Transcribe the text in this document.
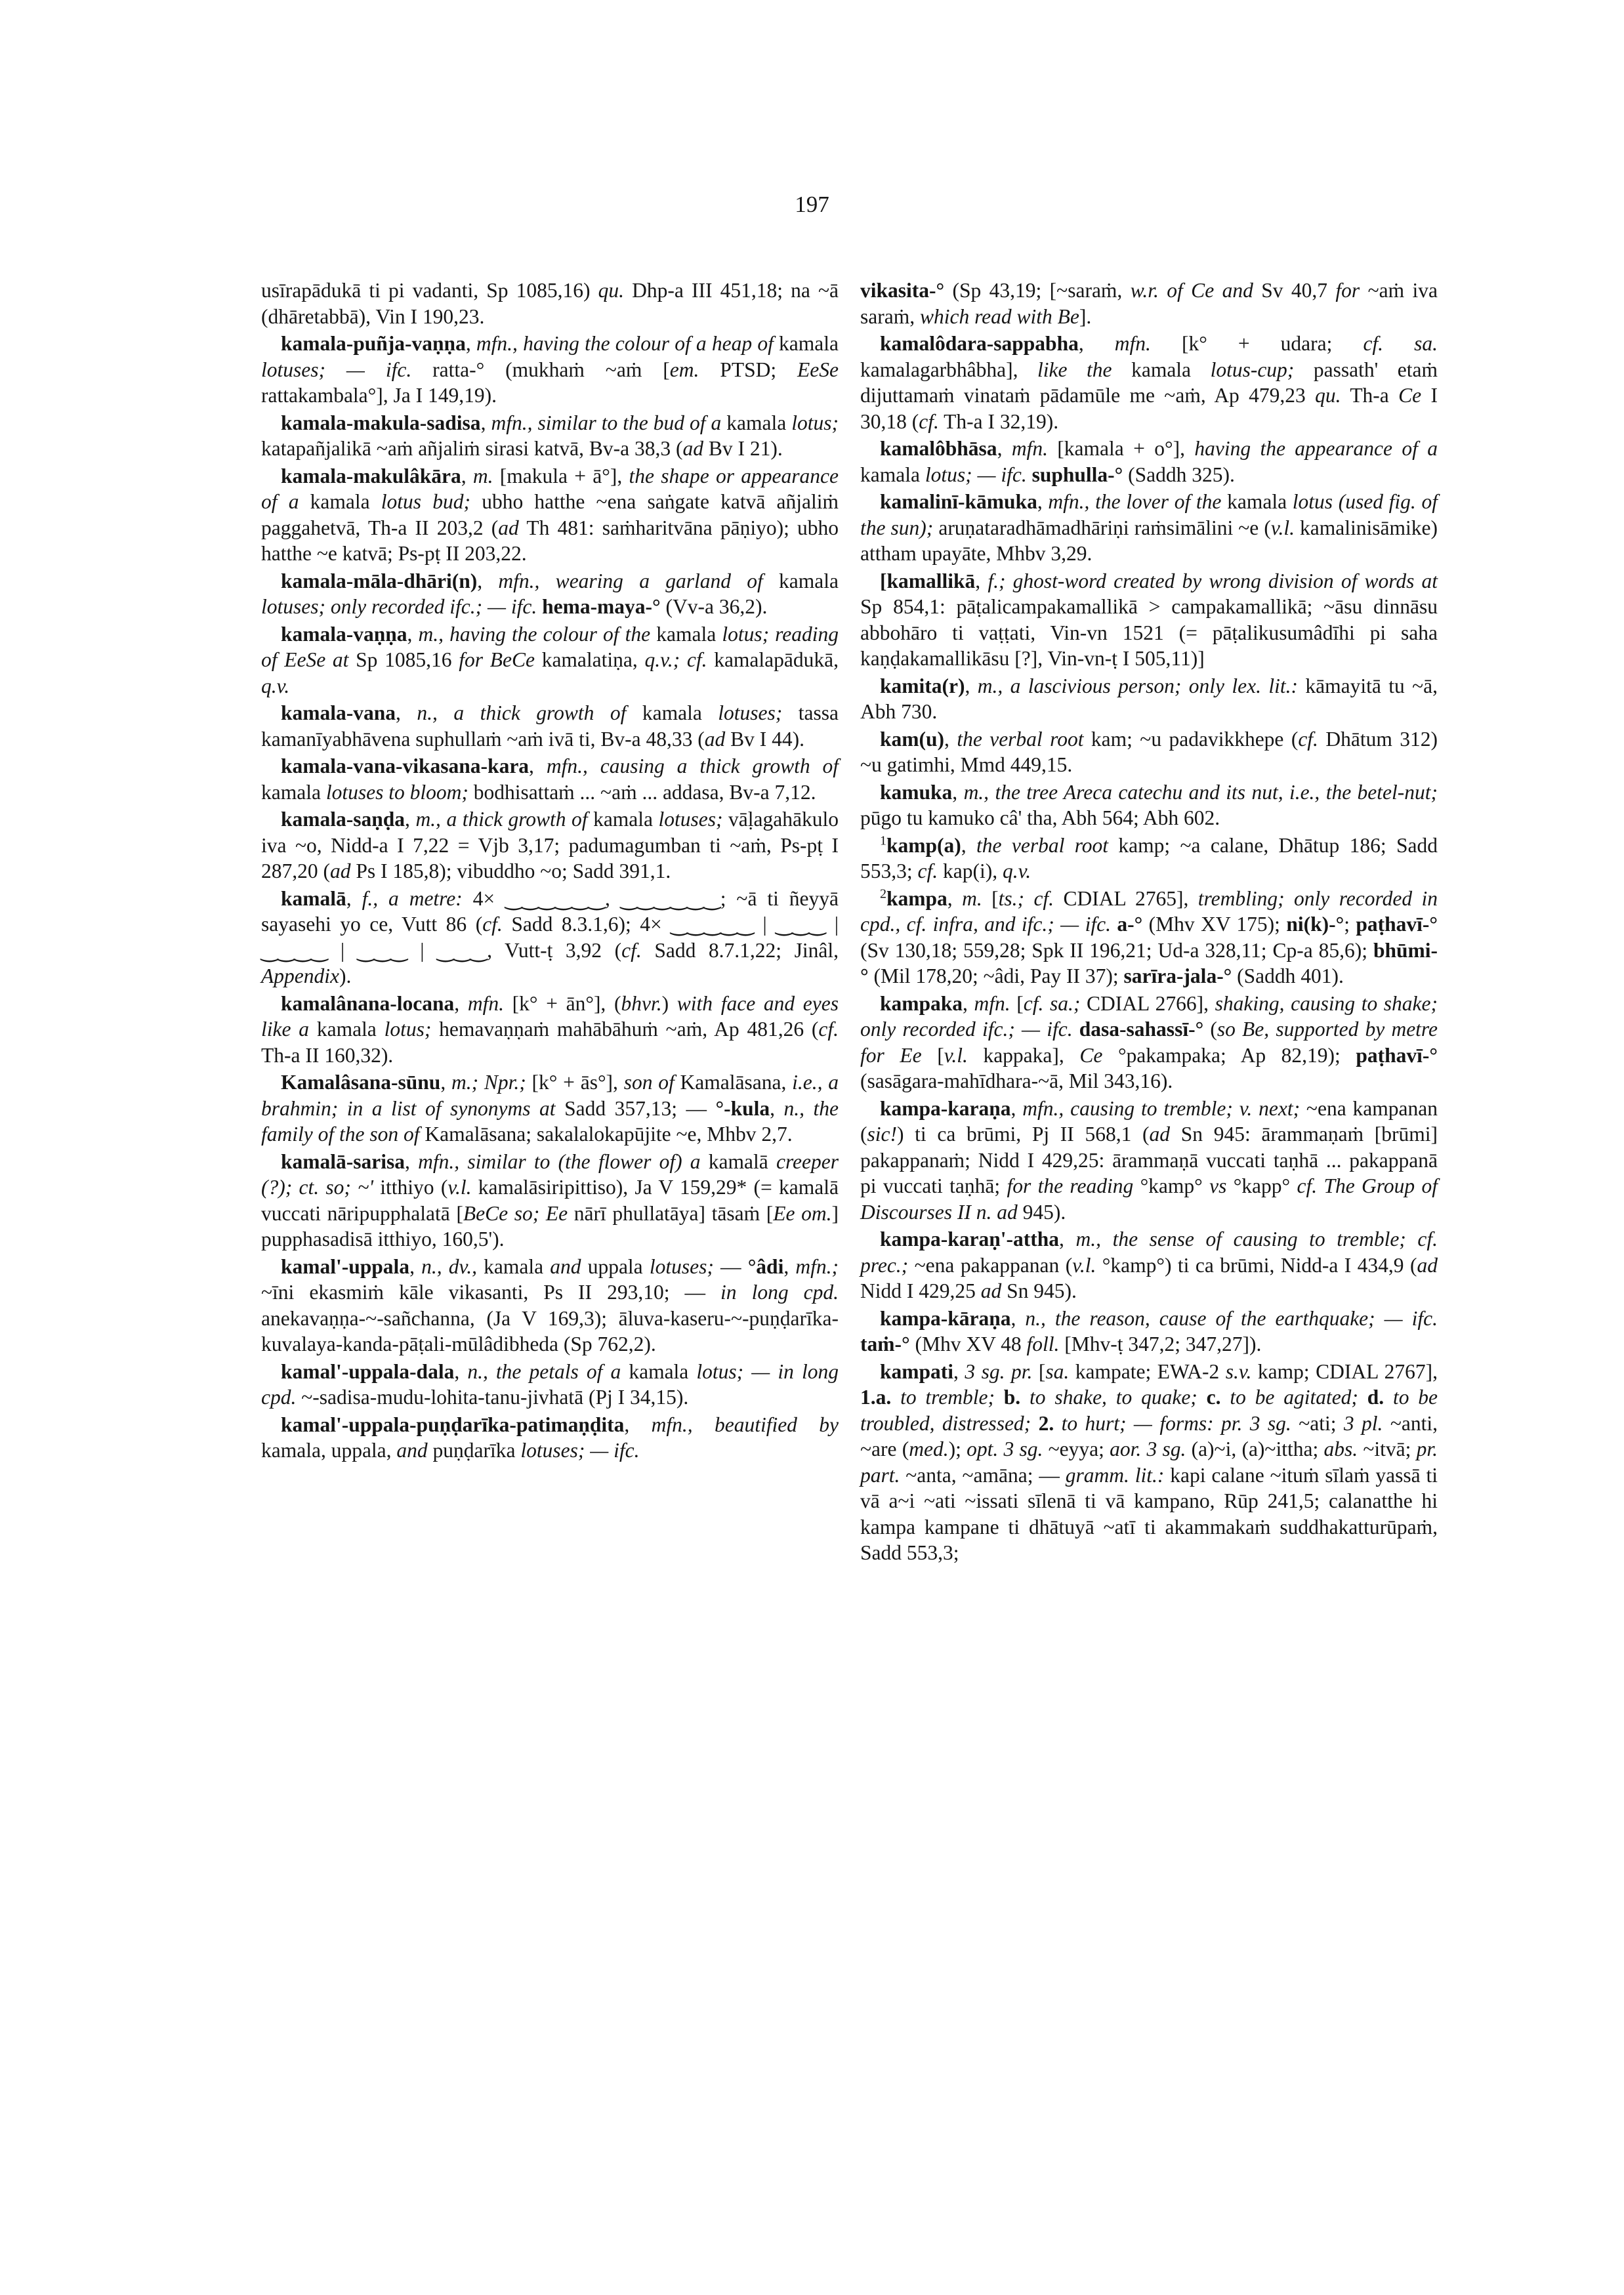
197

usīrapādukā ti pi vadanti, Sp 1085,16) qu. Dhp-a III 451,18; na ~ā (dhāretabbā), Vin I 190,23.

kamala-puñja-vaṇṇa, mfn., having the colour of a heap of kamala lotuses; — ifc. ratta-° (mukhaṁ ~aṁ [em. PTSD; EeSe rattakambala°], Ja I 149,19).

kamala-makula-sadisa, mfn., similar to the bud of a kamala lotus; katapañjalikā ~aṁ añjaliṁ sirasi katvā, Bv-a 38,3 (ad Bv I 21).

kamala-makulâkāra, m. [makula + ā°], the shape or appearance of a kamala lotus bud; ubho hatthe ~ena saṅgate katvā añjaliṁ paggahetvā, Th-a II 203,2 (ad Th 481: saṁharitvāna pāṇiyo); ubho hatthe ~e katvā; Ps-pṭ II 203,22.

kamala-māla-dhāri(n), mfn., wearing a garland of kamala lotuses; only recorded ifc.; — ifc. hema-maya-° (Vv-a 36,2).

kamala-vaṇṇa, m., having the colour of the kamala lotus; reading of EeSe at Sp 1085,16 for BeCe kamalatiṇa, q.v.; cf. kamalapādukā, q.v.

kamala-vana, n., a thick growth of kamala lotuses; tassa kamanīyabhāvena suphullaṁ ~aṁ ivā ti, Bv-a 48,33 (ad Bv I 44).

kamala-vana-vikasana-kara, mfn., causing a thick growth of kamala lotuses to bloom; bodhisattaṁ ... ~aṁ ... addasa, Bv-a 7,12.

kamala-saṇḍa, m., a thick growth of kamala lotuses; vāḷagahākulo iva ~o, Nidd-a I 7,22 = Vjb 3,17; padumagumban ti ~aṁ, Ps-pṭ I 287,20 (ad Ps I 185,8); vibuddho ~o; Sadd 391,1.

kamalā, f., a metre: 4× ‿‿‿‿‿‿, ‿‿‿‿‿‿; ~ā ti ñeyyā sayasehi yo ce, Vutt 86 (cf. Sadd 8.3.1,6); 4× ‿‿‿‿‿ | ‿‿‿ | ‿‿‿‿ | ‿‿‿ | ‿‿‿, Vutt-ṭ 3,92 (cf. Sadd 8.7.1,22; Jinâl, Appendix).

kamalânana-locana, mfn. [k° + ān°], (bhvr.) with face and eyes like a kamala lotus; hemavaṇṇaṁ mahābāhuṁ ~aṁ, Ap 481,26 (cf. Th-a II 160,32).

Kamalâsana-sūnu, m.; Npr.; [k° + ās°], son of Kamalāsana, i.e., a brahmin; in a list of synonyms at Sadd 357,13; — °-kula, n., the family of the son of Kamalāsana; sakalalokapūjite ~e, Mhbv 2,7.

kamalā-sarisa, mfn., similar to (the flower of) a kamalā creeper (?); ct. so; ~' itthiyo (v.l. kamalāsiripittiso), Ja V 159,29* (= kamalā vuccati nāripupphalatā [BeCe so; Ee nārī phullatāya] tāsaṁ [Ee om.] pupphasadisā itthiyo, 160,5').

kamal'-uppala, n., dv., kamala and uppala lotuses; — °âdi, mfn.; ~īni ekasmiṁ kāle vikasanti, Ps II 293,10; — in long cpd. anekavaṇṇa-~-sañchanna, (Ja V 169,3); āluva-kaseru-~-puṇḍarīka-kuvalaya-kanda-pāṭali-mūlâdibheda (Sp 762,2).

kamal'-uppala-dala, n., the petals of a kamala lotus; — in long cpd. ~-sadisa-mudu-lohita-tanu-jivhatā (Pj I 34,15).

kamal'-uppala-puṇḍarīka-patimaṇḍita, mfn., beautified by kamala, uppala, and puṇḍarīka lotuses; — ifc.

vikasita-° (Sp 43,19; [~saraṁ, w.r. of Ce and Sv 40,7 for ~aṁ iva saraṁ, which read with Be].

kamalôdara-sappabha, mfn. [k° + udara; cf. sa. kamalagarbhâbha], like the kamala lotus-cup; passath' etaṁ dijuttamaṁ vinataṁ pādamūle me ~aṁ, Ap 479,23 qu. Th-a Ce I 30,18 (cf. Th-a I 32,19).

kamalôbhāsa, mfn. [kamala + o°], having the appearance of a kamala lotus; — ifc. suphulla-° (Saddh 325).

kamalinī-kāmuka, mfn., the lover of the kamala lotus (used fig. of the sun); aruṇataradhāmadhāriṇi raṁsimālini ~e (v.l. kamalinisāmike) attham upayāte, Mhbv 3,29.

[kamallikā, f.; ghost-word created by wrong division of words at Sp 854,1: pāṭalicampakamallikā > campakamallikā; ~āsu dinnāsu abbohāro ti vaṭṭati, Vin-vn 1521 (= pāṭalikusumâdīhi pi saha kaṇḍakamallikāsu [?], Vin-vn-ṭ I 505,11)]

kamita(r), m., a lascivious person; only lex. lit.: kāmayitā tu ~ā, Abh 730.

kam(u), the verbal root kam; ~u padavikkhepe (cf. Dhātum 312) ~u gatimhi, Mmd 449,15.

kamuka, m., the tree Areca catechu and its nut, i.e., the betel-nut; pūgo tu kamuko câ' tha, Abh 564; Abh 602.

$^1$kamp(a), the verbal root kamp; ~a calane, Dhātup 186; Sadd 553,3; cf. kap(i), q.v.

$^2$kampa, m. [ts.; cf. CDIAL 2765], trembling; only recorded in cpd., cf. infra, and ifc.; — ifc. a-° (Mhv XV 175); ni(k)-°; paṭhavī-° (Sv 130,18; 559,28; Spk II 196,21; Ud-a 328,11; Cp-a 85,6); bhūmi-° (Mil 178,20; ~âdi, Pay II 37); sarīra-jala-° (Saddh 401).

kampaka, mfn. [cf. sa.; CDIAL 2766], shaking, causing to shake; only recorded ifc.; — ifc. dasa-sahassī-° (so Be, supported by metre for Ee [v.l. kappaka], Ce °pakampaka; Ap 82,19); paṭhavī-° (sasāgara-mahīdhara-~ā, Mil 343,16).

kampa-karaṇa, mfn., causing to tremble; v. next; ~ena kampanan (sic!) ti ca brūmi, Pj II 568,1 (ad Sn 945: ārammaṇaṁ [brūmi] pakappanaṁ; Nidd I 429,25: ārammaṇā vuccati taṇhā ... pakappanā pi vuccati taṇhā; for the reading °kamp° vs °kapp° cf. The Group of Discourses II n. ad 945).

kampa-karaṇ'-attha, m., the sense of causing to tremble; cf. prec.; ~ena pakappanan (v.l. °kamp°) ti ca brūmi, Nidd-a I 434,9 (ad Nidd I 429,25 ad Sn 945).

kampa-kāraṇa, n., the reason, cause of the earthquake; — ifc. taṁ-° (Mhv XV 48 foll. [Mhv-ṭ 347,2; 347,27]).

kampati, 3 sg. pr. [sa. kampate; EWA-2 s.v. kamp; CDIAL 2767], 1.a. to tremble; b. to shake, to quake; c. to be agitated; d. to be troubled, distressed; 2. to hurt; — forms: pr. 3 sg. ~ati; 3 pl. ~anti, ~are (med.); opt. 3 sg. ~eyya; aor. 3 sg. (a)~i, (a)~ittha; abs. ~itvā; pr. part. ~anta, ~amāna; — gramm. lit.: kapi calane ~ituṁ sīlaṁ yassā ti vā a~i ~ati ~issati sīlenā ti vā kampano, Rūp 241,5; calanatthe hi kampa kampane ti dhātuyā ~atī ti akammakaṁ suddhakatturūpaṁ, Sadd 553,3;
